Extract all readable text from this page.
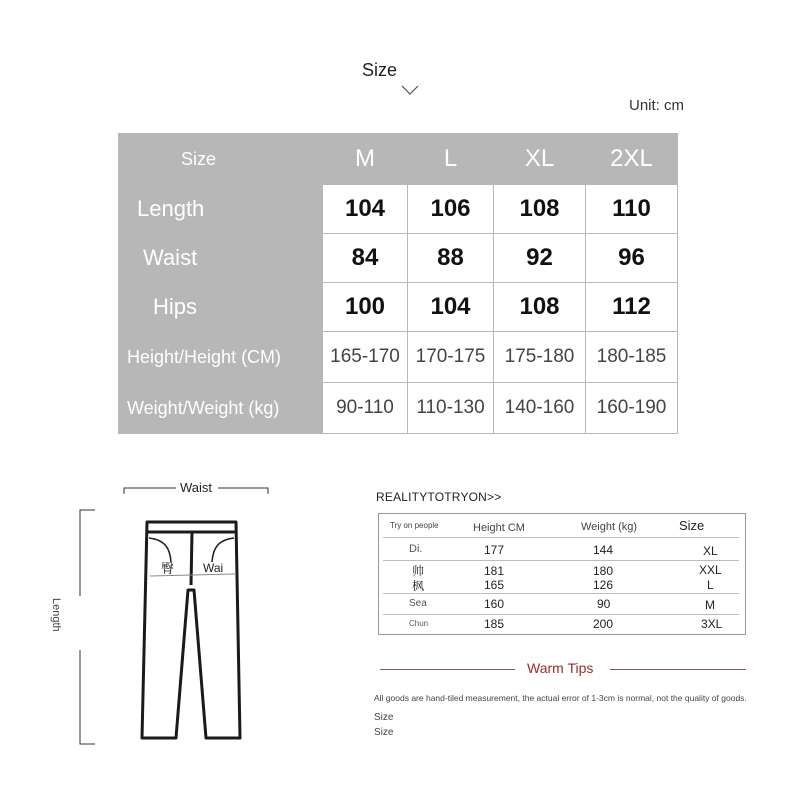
Size
Unit: cm
Size	M	L	XL	2XL
Length	104	106	108	110
Waist	84	88	92	96
Hips	100	104	108	112
Height/Height (CM)	165-170	170-175	175-180	180-185
Weight/Weight (kg)	90-110	110-130	140-160	160-190
臀 Wai
Waist
Length
REALITYTOTRYON>>
Try on people	Height CM	Weight (kg)	Size
Di.	177	144	XL
帅	181	180	XXL
枫	165	126	L
Sea	160	90	M
Chun	185	200	3XL
Warm Tips
All goods are hand-tiled measurement, the actual error of 1-3cm is normal, not the quality of goods.
Size
Size
